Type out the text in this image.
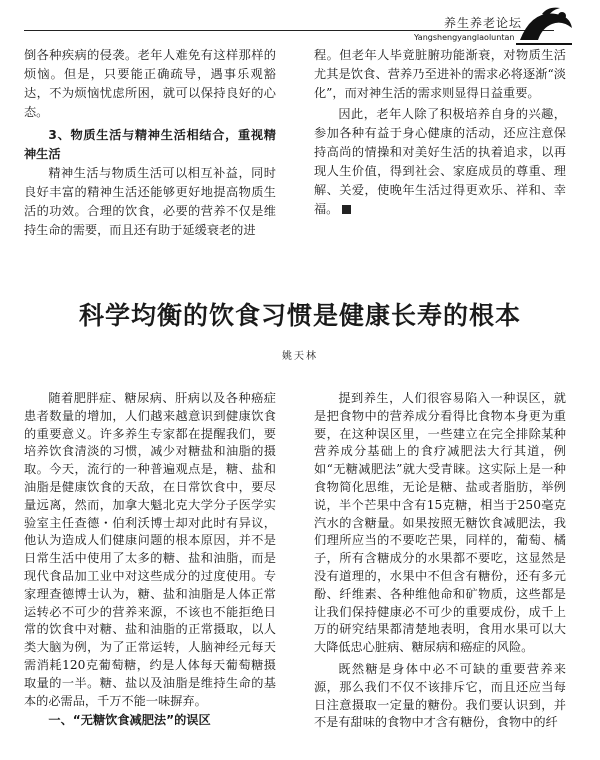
养生养老论坛
Yangshengyanglaoluntan

倒各种疾病的侵袭。老年人难免有这样那样的烦恼。但是，只要能正确疏导，遇事乐观豁达，不为烦恼忧虑所困，就可以保持良好的心态。

3、物质生活与精神生活相结合，重视精神生活

精神生活与物质生活可以相互补益，同时良好丰富的精神生活还能够更好地提高物质生活的功效。合理的饮食，必要的营养不仅是维持生命的需要，而且还有助于延缓衰老的进

程。但老年人毕竟脏腑功能渐衰，对物质生活尤其是饮食、营养乃至进补的需求必将逐渐“淡化”，而对神生活的需求则显得日益重要。

因此，老年人除了积极培养自身的兴趣，参加各种有益于身心健康的活动，还应注意保持高尚的情操和对美好生活的执着追求，以再现人生价值，得到社会、家庭成员的尊重、理解、关爱，使晚年生活过得更欢乐、祥和、幸福。

科学均衡的饮食习惯是健康长寿的根本
姚天林

随着肥胖症、糖尿病、肝病以及各种癌症患者数量的增加，人们越来越意识到健康饮食的重要意义。许多养生专家都在提醒我们，要培养饮食清淡的习惯，减少对糖盐和油脂的摄取。今天，流行的一种普遍观点是，糖、盐和油脂是健康饮食的天敌，在日常饮食中，要尽量远离，然而，加拿大魁北克大学分子医学实验室主任查德・伯利沃博士却对此时有异议，他认为造成人们健康问题的根本原因，并不是日常生活中使用了太多的糖、盐和油脂，而是现代食品加工业中对这些成分的过度使用。专家理查德博士认为，糖、盐和油脂是人体正常运转必不可少的营养来源，不该也不能拒绝日常的饮食中对糖、盐和油脂的正常摄取，以人类大脑为例，为了正常运转，人脑神经元每天需消耗120克葡萄糖，约是人体每天葡萄糖摄取量的一半。糖、盐以及油脂是维持生命的基本的必需品，千万不能一味摒弃。

一、“无糖饮食减肥法”的误区

提到养生，人们很容易陷入一种误区，就是把食物中的营养成分看得比食物本身更为重要，在这种误区里，一些建立在完全排除某种营养成分基础上的食疗减肥法大行其道，例如“无糖减肥法”就大受青睐。这实际上是一种食物简化思维，无论是糖、盐或者脂肪，举例说，半个芒果中含有15克糖，相当于250毫克汽水的含糖量。如果按照无糖饮食减肥法，我们理所应当的不要吃芒果，同样的，葡萄、橘子，所有含糖成分的水果都不要吃，这显然是没有道理的，水果中不但含有糖份，还有多元酚、纤维素、各种维他命和矿物质，这些都是让我们保持健康必不可少的重要成份，成千上万的研究结果都清楚地表明，食用水果可以大大降低忠心脏病、糖尿病和癌症的风险。

既然糖是身体中必不可缺的重要营养来源，那么我们不仅不该排斥它，而且还应当每日注意摄取一定量的糖份。我们要认识到，并不是有甜味的食物中才含有糖份，食物中的纤
